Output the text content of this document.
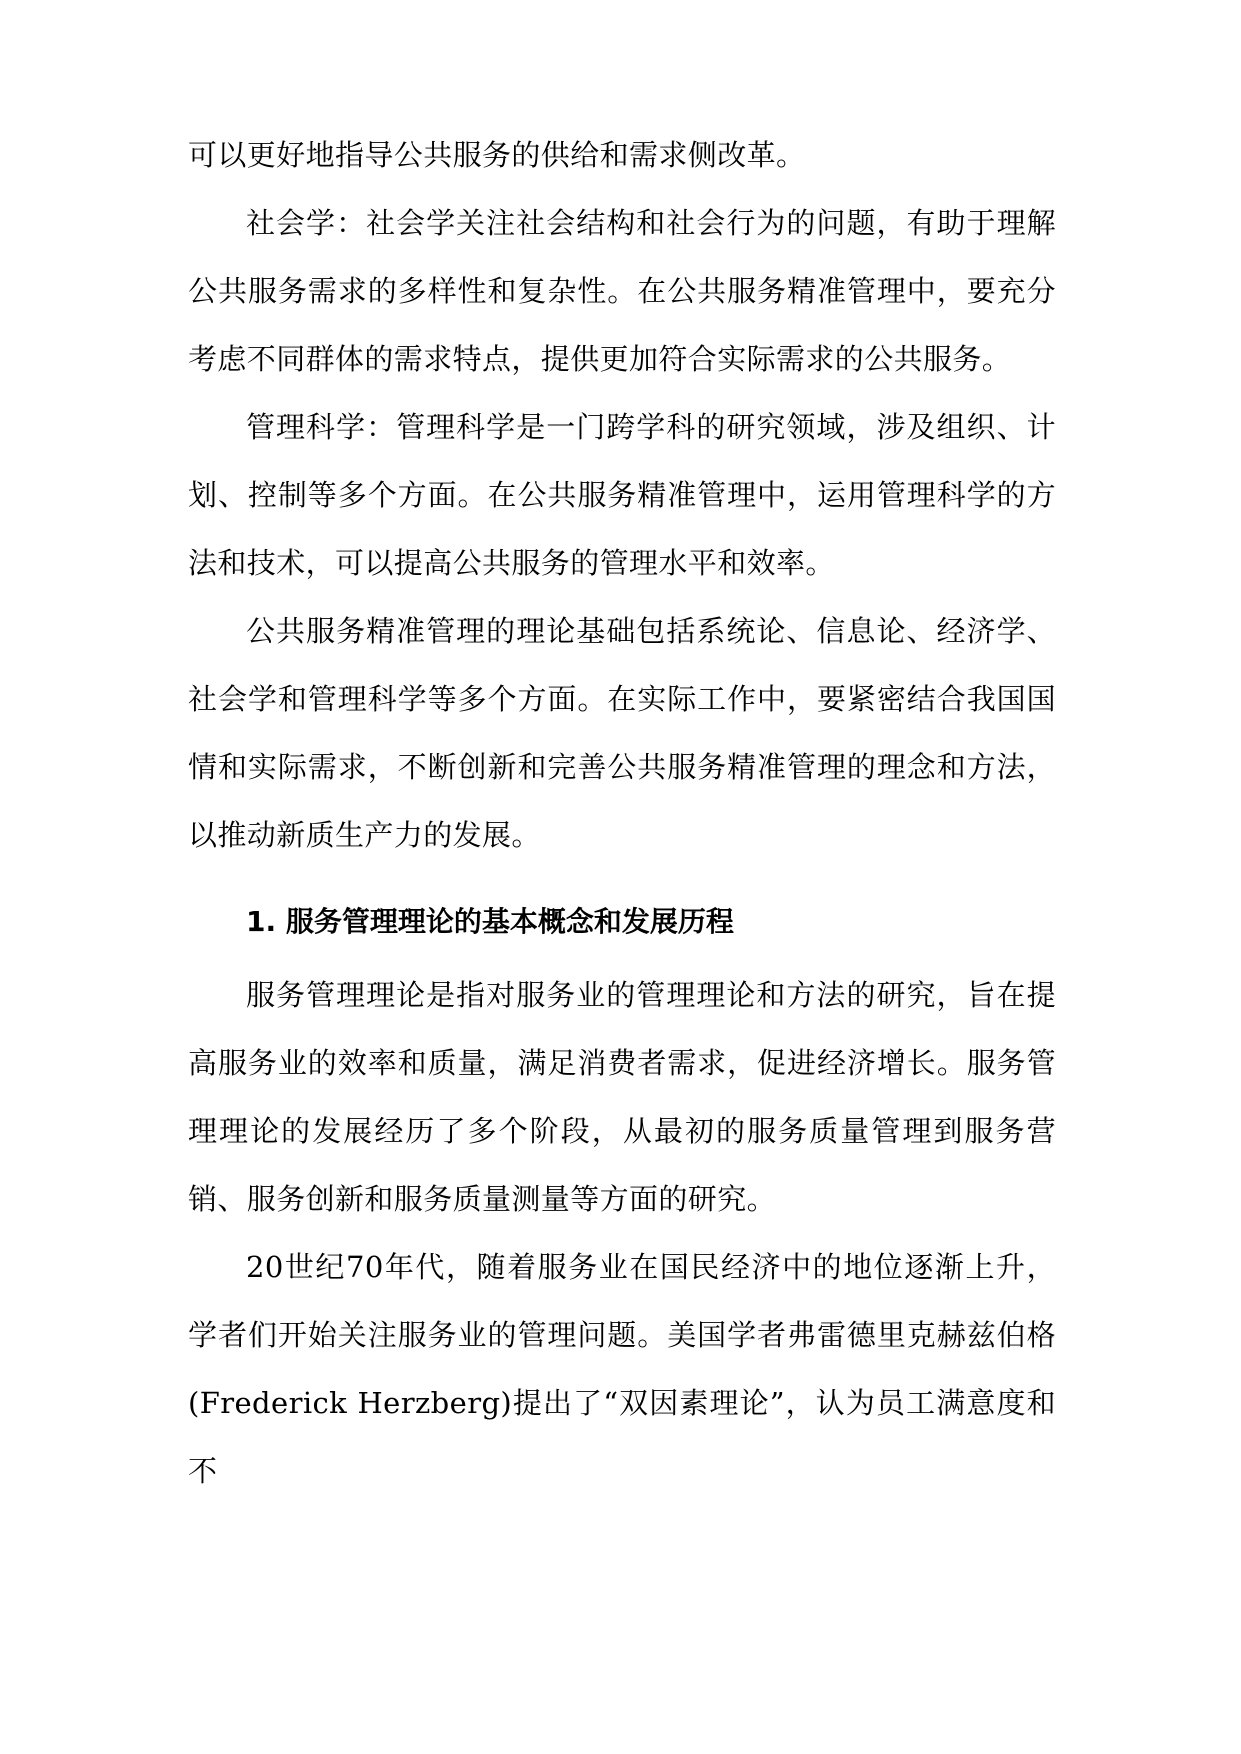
可以更好地指导公共服务的供给和需求侧改革。

社会学：社会学关注社会结构和社会行为的问题，有助于理解公共服务需求的多样性和复杂性。在公共服务精准管理中，要充分考虑不同群体的需求特点，提供更加符合实际需求的公共服务。

管理科学：管理科学是一门跨学科的研究领域，涉及组织、计划、控制等多个方面。在公共服务精准管理中，运用管理科学的方法和技术，可以提高公共服务的管理水平和效率。

公共服务精准管理的理论基础包括系统论、信息论、经济学、社会学和管理科学等多个方面。在实际工作中，要紧密结合我国国情和实际需求，不断创新和完善公共服务精准管理的理念和方法，以推动新质生产力的发展。

1. 服务管理理论的基本概念和发展历程

服务管理理论是指对服务业的管理理论和方法的研究，旨在提高服务业的效率和质量，满足消费者需求，促进经济增长。服务管理理论的发展经历了多个阶段，从最初的服务质量管理到服务营销、服务创新和服务质量测量等方面的研究。

20世纪70年代，随着服务业在国民经济中的地位逐渐上升，学者们开始关注服务业的管理问题。美国学者弗雷德里克赫兹伯格(Frederick Herzberg)提出了“双因素理论”，认为员工满意度和不
